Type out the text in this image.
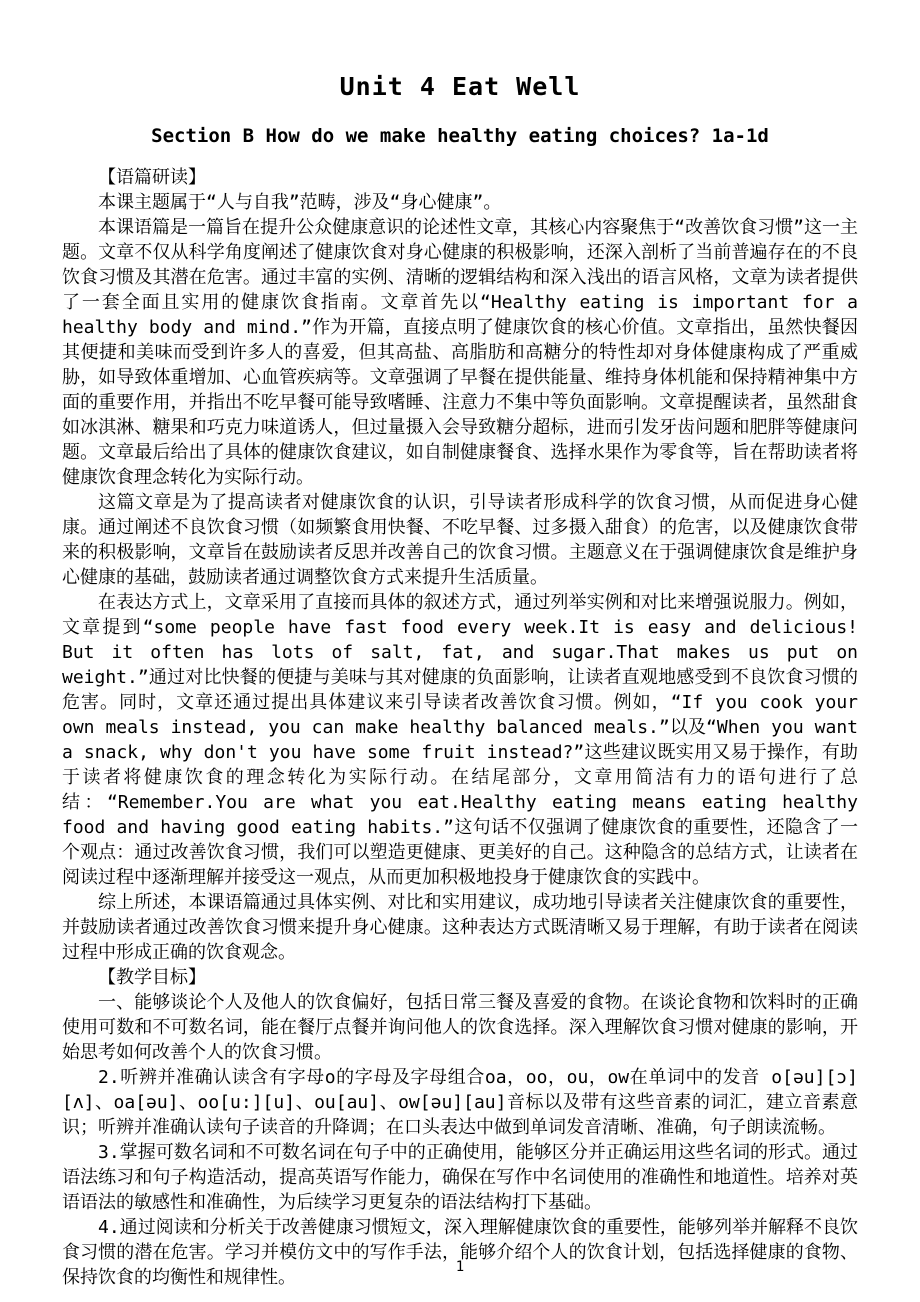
Unit 4 Eat Well
Section B How do we make healthy eating choices? 1a-1d

【语篇研读】

本课主题属于“人与自我”范畴，涉及“身心健康”。

本课语篇是一篇旨在提升公众健康意识的论述性文章，其核心内容聚焦于“改善饮食习惯”这一主题。文章不仅从科学角度阐述了健康饮食对身心健康的积极影响，还深入剖析了当前普遍存在的不良饮食习惯及其潜在危害。通过丰富的实例、清晰的逻辑结构和深入浅出的语言风格，文章为读者提供了一套全面且实用的健康饮食指南。文章首先以“Healthy eating is important for a healthy body and mind.”作为开篇，直接点明了健康饮食的核心价值。文章指出，虽然快餐因其便捷和美味而受到许多人的喜爱，但其高盐、高脂肪和高糖分的特性却对身体健康构成了严重威胁，如导致体重增加、心血管疾病等。文章强调了早餐在提供能量、维持身体机能和保持精神集中方面的重要作用，并指出不吃早餐可能导致嗜睡、注意力不集中等负面影响。文章提醒读者，虽然甜食如冰淇淋、糖果和巧克力味道诱人，但过量摄入会导致糖分超标，进而引发牙齿问题和肥胖等健康问题。文章最后给出了具体的健康饮食建议，如自制健康餐食、选择水果作为零食等，旨在帮助读者将健康饮食理念转化为实际行动。

这篇文章是为了提高读者对健康饮食的认识，引导读者形成科学的饮食习惯，从而促进身心健康。通过阐述不良饮食习惯（如频繁食用快餐、不吃早餐、过多摄入甜食）的危害，以及健康饮食带来的积极影响，文章旨在鼓励读者反思并改善自己的饮食习惯。主题意义在于强调健康饮食是维护身心健康的基础，鼓励读者通过调整饮食方式来提升生活质量。

在表达方式上，文章采用了直接而具体的叙述方式，通过列举实例和对比来增强说服力。例如，文章提到“some people have fast food every week.It is easy and delicious! But it often has lots of salt, fat, and sugar.That makes us put on weight.”通过对比快餐的便捷与美味与其对健康的负面影响，让读者直观地感受到不良饮食习惯的危害。同时，文章还通过提出具体建议来引导读者改善饮食习惯。例如，“If you cook your own meals instead, you can make healthy balanced meals.”以及“When you want a snack, why don't you have some fruit instead?”这些建议既实用又易于操作，有助于读者将健康饮食的理念转化为实际行动。在结尾部分，文章用简洁有力的语句进行了总结：“Remember.You are what you eat.Healthy eating means eating healthy food and having good eating habits.”这句话不仅强调了健康饮食的重要性，还隐含了一个观点：通过改善饮食习惯，我们可以塑造更健康、更美好的自己。这种隐含的总结方式，让读者在阅读过程中逐渐理解并接受这一观点，从而更加积极地投身于健康饮食的实践中。

综上所述，本课语篇通过具体实例、对比和实用建议，成功地引导读者关注健康饮食的重要性，并鼓励读者通过改善饮食习惯来提升身心健康。这种表达方式既清晰又易于理解，有助于读者在阅读过程中形成正确的饮食观念。

【教学目标】

一、能够谈论个人及他人的饮食偏好，包括日常三餐及喜爱的食物。在谈论食物和饮料时的正确使用可数和不可数名词，能在餐厅点餐并询问他人的饮食选择。深入理解饮食习惯对健康的影响，开始思考如何改善个人的饮食习惯。

2.听辨并准确认读含有字母o的字母及字母组合oa，oo，ou，ow在单词中的发音 o[əu][ɔ][ʌ]、oa[əu]、oo[u:][u]、ou[au]、ow[əu][au]音标以及带有这些音素的词汇，建立音素意识；听辨并准确认读句子读音的升降调；在口头表达中做到单词发音清晰、准确，句子朗读流畅。

3.掌握可数名词和不可数名词在句子中的正确使用，能够区分并正确运用这些名词的形式。通过语法练习和句子构造活动，提高英语写作能力，确保在写作中名词使用的准确性和地道性。培养对英语语法的敏感性和准确性，为后续学习更复杂的语法结构打下基础。

4.通过阅读和分析关于改善健康习惯短文，深入理解健康饮食的重要性，能够列举并解释不良饮食习惯的潜在危害。学习并模仿文中的写作手法，能够介绍个人的饮食计划，包括选择健康的食物、保持饮食的均衡性和规律性。	1
